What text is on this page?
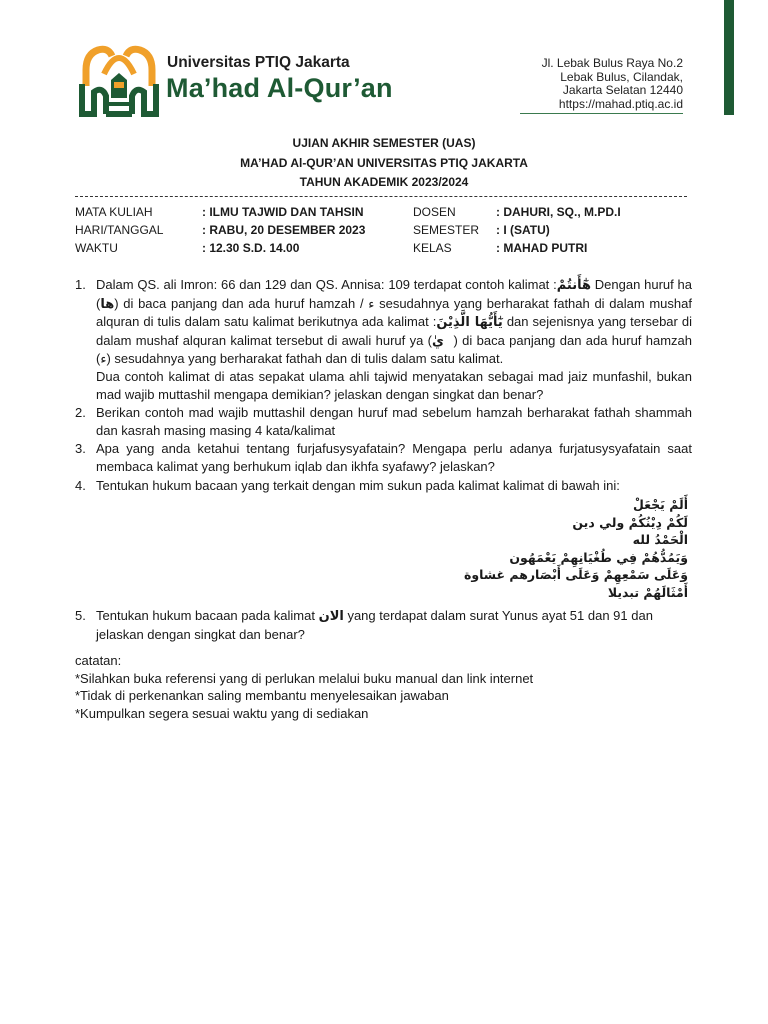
Universitas PTIQ Jakarta
Ma’had Al-Qur’an
Jl. Lebak Bulus Raya No.2
Lebak Bulus, Cilandak,
Jakarta Selatan 12440
https://mahad.ptiq.ac.id
UJIAN AKHIR SEMESTER (UAS)
MA’HAD Al-QUR’AN UNIVERSITAS PTIQ JAKARTA
TAHUN AKADEMIK 2023/2024
MATA KULIAH	: ILMU TAJWID DAN TAHSIN	DOSEN	: DAHURI, SQ., M.PD.I
HARI/TANGGAL	: RABU, 20 DESEMBER 2023	SEMESTER : I (SATU)
WAKTU	: 12.30 S.D. 14.00	KELAS	: MAHAD PUTRI
1. Dalam QS. ali Imron: 66 dan 129 dan QS. Annisa: 109 terdapat contoh kalimat :هٰٓأَنتُمْ Dengan huruf ha (ها) di baca panjang dan ada huruf hamzah / ء sesudahnya yang berharakat fathah di dalam mushaf alquran di tulis dalam satu kalimat berikutnya ada kalimat :يٰٓأَيُّهَا الَّذِيْنَ dan sejenisnya yang tersebar di dalam mushaf alquran kalimat tersebut di awali huruf ya ( يٰ ) di baca panjang dan ada huruf hamzah (ء) sesudahnya yang berharakat fathah dan di tulis dalam satu kalimat.
Dua contoh kalimat di atas sepakat ulama ahli tajwid menyatakan sebagai mad jaiz munfashil, bukan mad wajib muttashil mengapa demikian? jelaskan dengan singkat dan benar?
2. Berikan contoh mad wajib muttashil dengan huruf mad sebelum hamzah berharakat fathah shammah dan kasrah masing masing 4 kata/kalimat
3. Apa yang anda ketahui tentang furjafusysyafatain? Mengapa perlu adanya furjatusysyafatain saat membaca kalimat yang berhukum iqlab dan ikhfa syafawy? jelaskan?
4. Tentukan hukum bacaan yang terkait dengan mim sukun pada kalimat kalimat di bawah ini:
أَلَمْ يَجْعَلْ
لَكُمْ دِيْنُكُمْ ولي دين
الْحَمْدُ لله
وَيَمُدُّهُمْ فِي طُغْيَانِهِمْ يَعْمَهُون
وَعَلَى سَمْعِهِمْ وَعَلَى أَبْصَارهم غشاوة
أَمْثَالَهُمْ تبديلا
5. Tentukan hukum bacaan pada kalimat الان yang terdapat dalam surat Yunus ayat 51 dan 91 dan jelaskan dengan singkat dan benar?
catatan:
*Silahkan buka referensi yang di perlukan melalui buku manual dan link internet
*Tidak di perkenankan saling membantu menyelesaikan jawaban
*Kumpulkan segera sesuai waktu yang di sediakan
